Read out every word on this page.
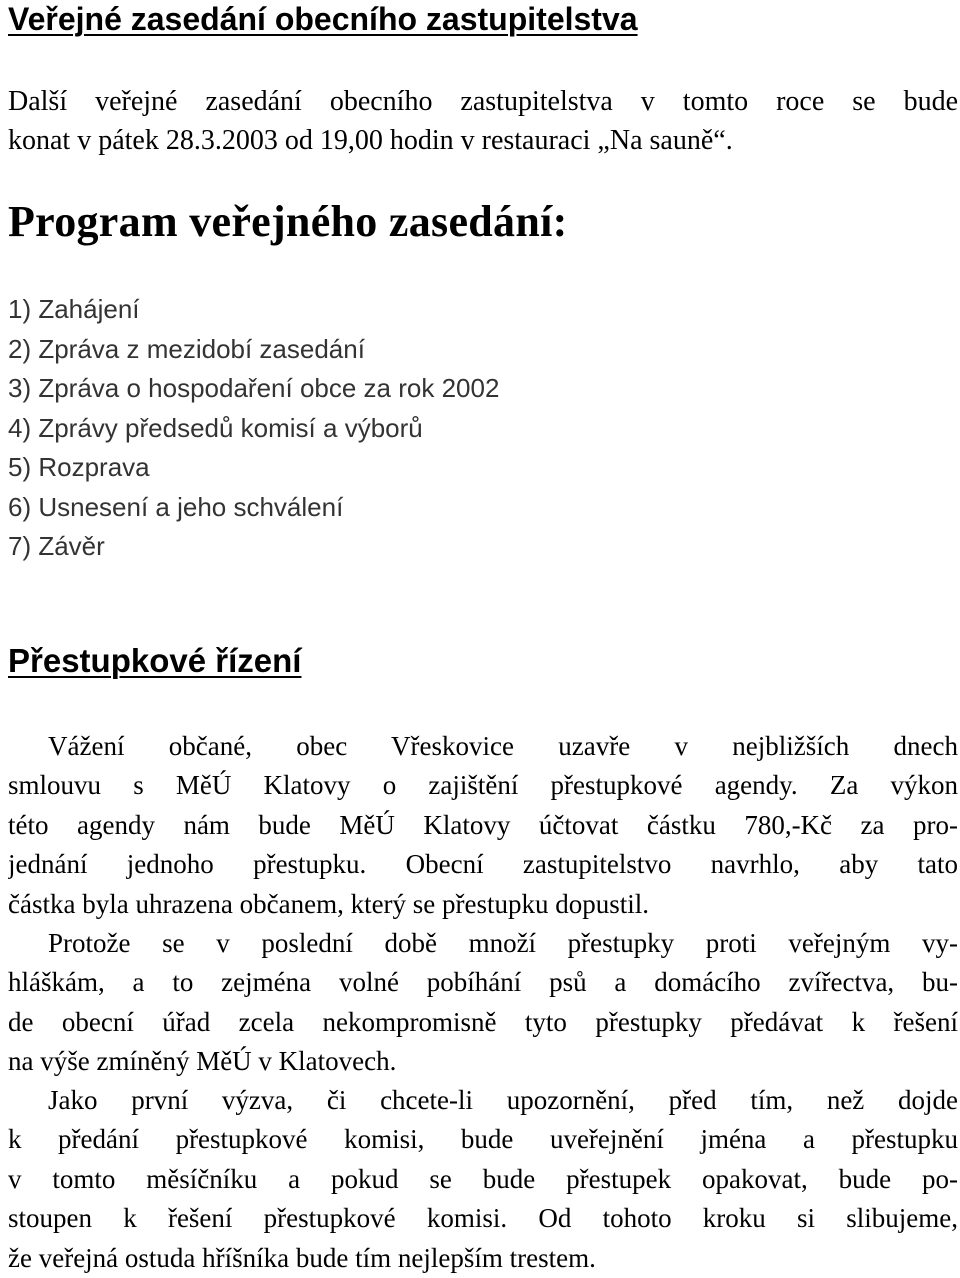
Veřejné zasedání obecního zastupitelstva

Další veřejné zasedání obecního zastupitelstva v tomto roce se bude
konat v pátek 28.3.2003 od 19,00 hodin v restauraci „Na sauně“.

Program veřejného zasedání:
1) Zahájení
2) Zpráva z mezidobí zasedání
3) Zpráva o hospodaření obce za rok 2002
4) Zprávy předsedů komisí a výborů
5) Rozprava
6) Usnesení a jeho schválení
7) Závěr
Přestupkové řízení

Vážení občané, obec Vřeskovice uzavře v nejbližších dnech
smlouvu s MěÚ Klatovy o zajištění přestupkové agendy. Za výkon
této agendy nám bude MěÚ Klatovy účtovat částku 780,-Kč za pro-
jednání jednoho přestupku. Obecní zastupitelstvo navrhlo, aby tato
částka byla uhrazena občanem, který se přestupku dopustil.

Protože se v poslední době množí přestupky proti veřejným vy-
hláškám, a to zejména volné pobíhání psů a domácího zvířectva, bu-
de obecní úřad zcela nekompromisně tyto přestupky předávat k řešení
na výše zmíněný MěÚ v Klatovech.

Jako první výzva, či chcete-li upozornění, před tím, než dojde
k předání přestupkové komisi, bude uveřejnění jména a přestupku
v tomto měsíčníku a pokud se bude přestupek opakovat, bude po-
stoupen k řešení přestupkové komisi. Od tohoto kroku si slibujeme,
že veřejná ostuda hříšníka bude tím nejlepším trestem.
